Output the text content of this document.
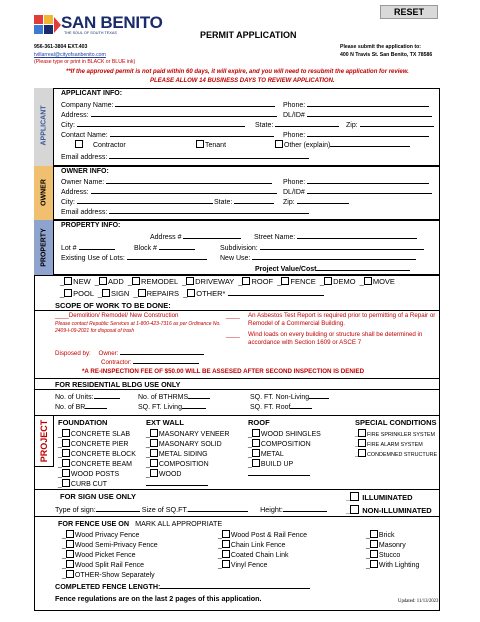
SAN BENITO
THE SOUL OF SOUTH TEXAS	PERMIT APPLICATION
RESET
956-361-3804 EXT.403
tvillarreal@cityofsanbenito.com
(Please type or print in BLACK or BLUE ink)
Please submit the application to:
400 N Travis St. San Benito, TX 78586
**If the approved permit is not paid within 60 days, it will expire, and you will need to resubmit the application for review.
PLEASE ALLOW 14 BUSINESS DAYS TO REVIEW APPLICATION.
APPLICANT
APPLICANT INFO:
Company Name:	Phone:
Address:	DL/ID#
City:	State:	Zip:
Contact Name:	Phone:
Contractor	Tenant	Other (explain)
Email address:
OWNER
OWNER INFO:
Owner Name:	Phone:
Address:	DL/ID#
City:	State:	Zip:
Email address:
PROPERTY
PROPERTY INFO:
Address #	Street Name:
Lot #	Block #	Subdivision:
Existing Use of Lots:	New Use:
Project Value/Cost
PROJECT
_ NEW _ ADD _ REMODEL _ DRIVEWAY _ ROOF _ FENCE _ DEMO _ MOVE
_ POOL _ SIGN _ REPAIRS _ OTHER*
SCOPE OF WORK TO BE DONE:
____Demolition/ Remodel/ New Construction
Please contact Republic Services at 1-800-423-7316 as per Ordinance No. 2409-I-09-2021 for disposal of trash
____	An Asbestos Test Report is required prior to permitting of a Repair or Remodel of a Commercial Building.
____	Wind loads on every building or structure shall be determined in accordance with Section 1609 or ASCE 7
Disposed by: Owner:
Contractor:
*A RE-INSPECTION FEE OF $50.00 WILL BE ASSESED AFTER SECOND INSPECTION IS DENIED
FOR RESIDENTIAL BLDG USE ONLY
No. of Units:	No. of BTHRMS	SQ. FT. Non-Living
No. of BR	SQ. FT. Living	SQ. FT. Roof
FOUNDATION	EXT WALL	ROOF	SPECIAL CONDITIONS
_ CONCRETE SLAB
_ CONCRETE PIER
_ CONCRETE BLOCK
_ CONCRETE BEAM
_ WOOD POSTS
_ CURB CUT
_ MASONARY VENEER
_ MASONARY SOLID
_ METAL SIDING
_ COMPOSITION
_ WOOD
_ WOOD SHINGLES
_ COMPOSITION
_ METAL
_ BUILD UP
_ FIRE SPRINKLER SYSTEM
_ FIRE ALARM SYSTEM
_ CONDEMNED STRUCTURE
FOR SIGN USE ONLY	_ ILLUMINATED
Type of sign:	Size of SQ.FT.	Height:	_ NON-ILLUMINATED
FOR FENCE USE ON MARK ALL APPROPRIATE
_ Wood Privacy Fence
_ Wood Semi-Privacy Fence
_ Wood Picket Fence
_ Wood Split Rail Fence
_ OTHER-Show Separately
_ Wood Post & Rail Fence
_ Chain Link Fence
_ Coated Chain Link
_ Vinyl Fence
_ Brick
_ Masonry
_ Stucco
_ With Lighting
COMPLETED FENCE LENGTH:
Fence regulations are on the last 2 pages of this application.	Updated: 11/13/2023
